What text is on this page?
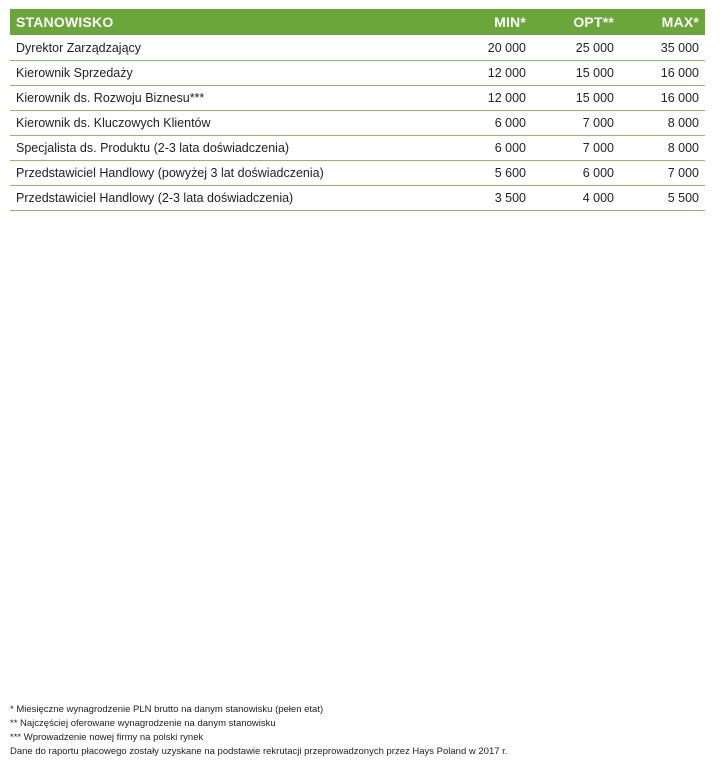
STANOWISKO	MIN*	OPT**	MAX*
Dyrektor Zarządzający	20 000	25 000	35 000
Kierownik Sprzedaży	12 000	15 000	16 000
Kierownik ds. Rozwoju Biznesu***	12 000	15 000	16 000
Kierownik ds. Kluczowych Klientów	6 000	7 000	8 000
Specjalista ds. Produktu (2-3 lata doświadczenia)	6 000	7 000	8 000
Przedstawiciel Handlowy (powyżej 3 lat doświadczenia)	5 600	6 000	7 000
Przedstawiciel Handlowy (2-3 lata doświadczenia)	3 500	4 000	5 500
* Miesięczne wynagrodzenie PLN brutto na danym stanowisku (pełen etat)
** Najczęściej oferowane wynagrodzenie na danym stanowisku
*** Wprowadzenie nowej firmy na polski rynek
Dane do raportu płacowego zostały uzyskane na podstawie rekrutacji przeprowadzonych przez Hays Poland w 2017 r.
